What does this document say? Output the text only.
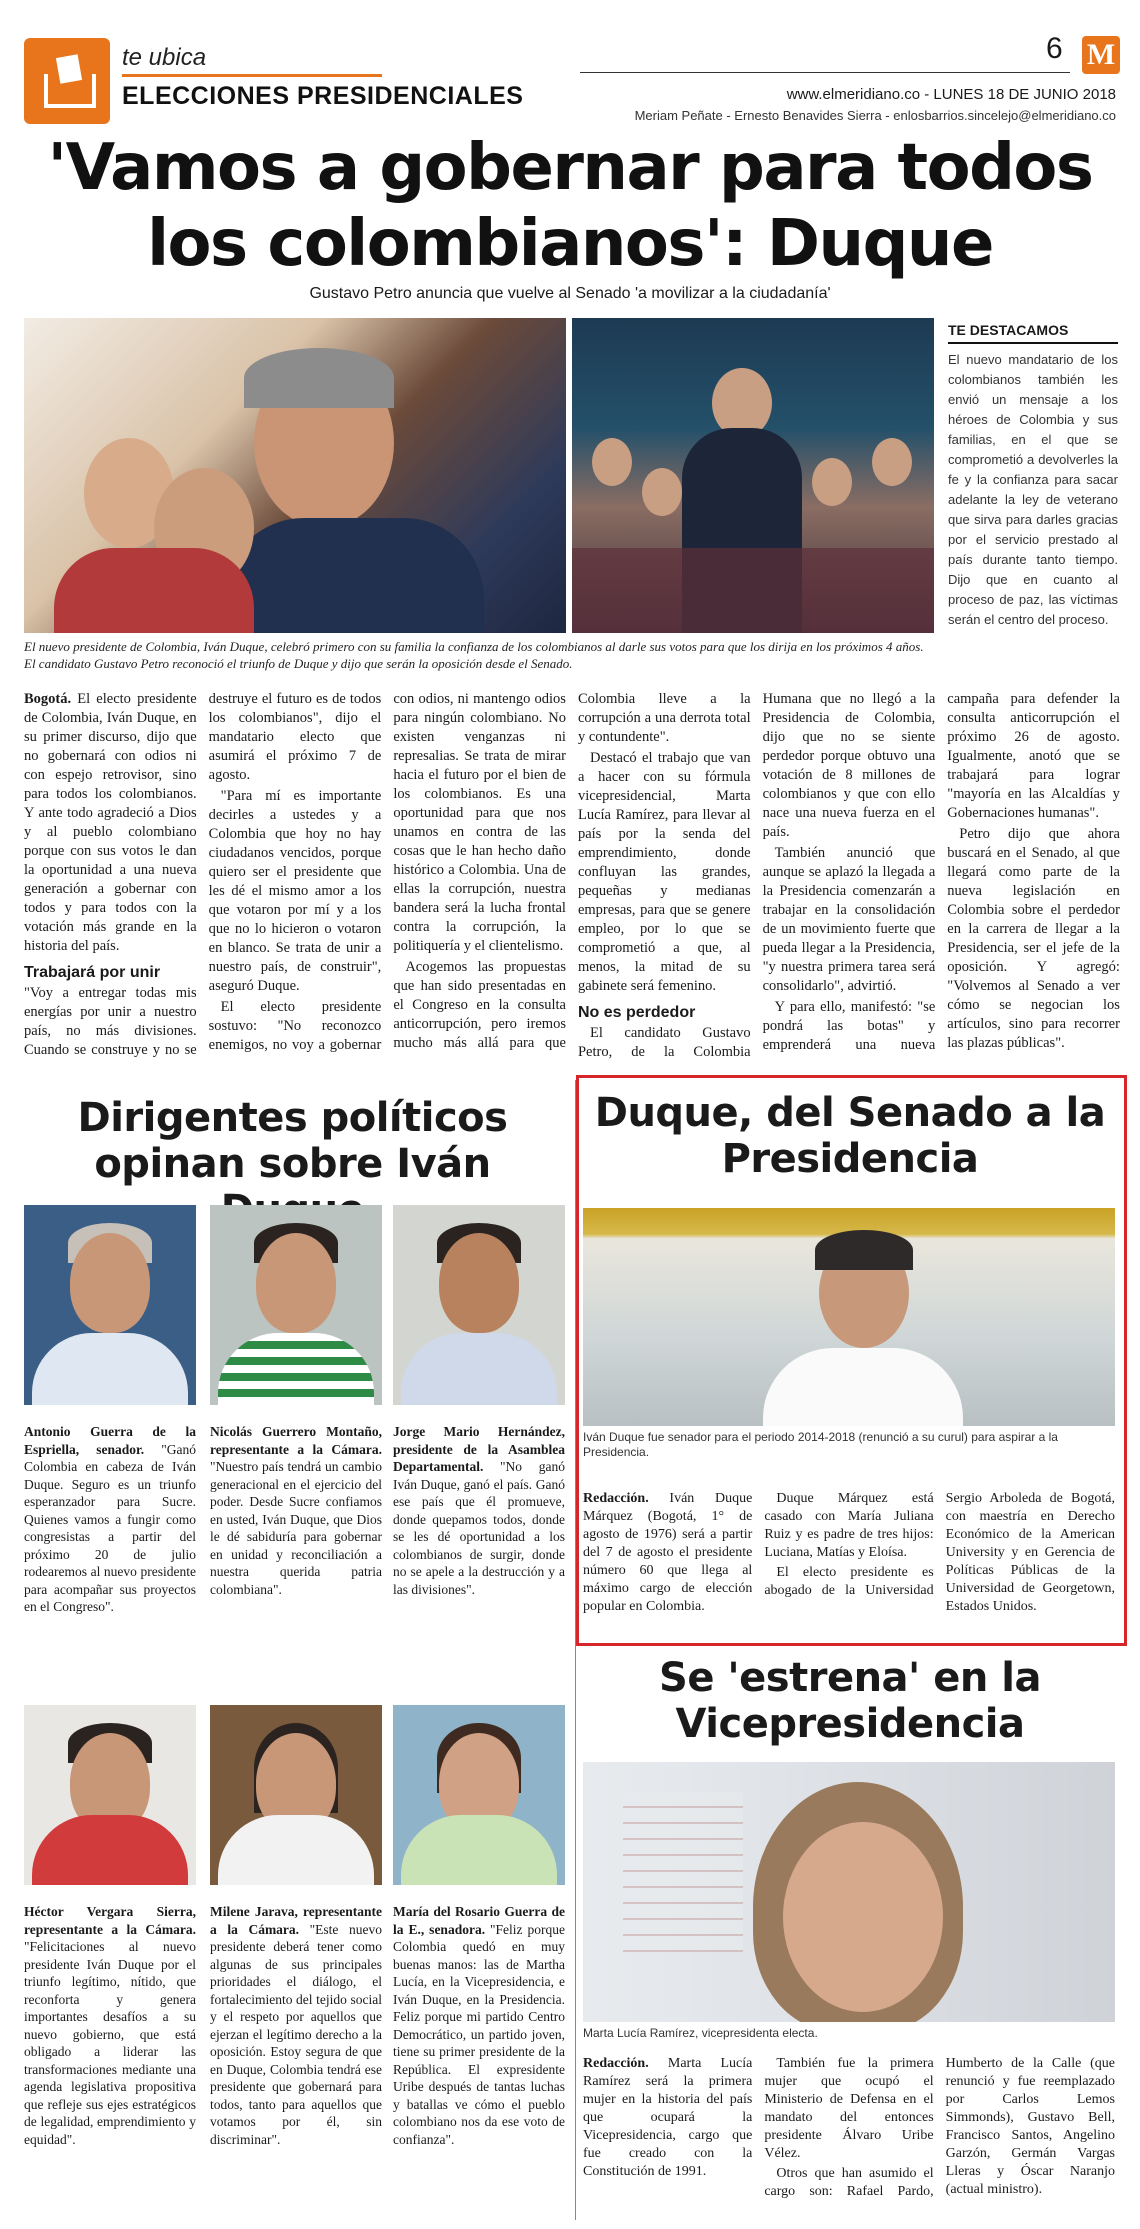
te ubica
ELECCIONES PRESIDENCIALES
6 M
www.elmeridiano.co - LUNES 18 DE JUNIO 2018
Meriam Peñate - Ernesto Benavides Sierra - enlosbarrios.sincelejo@elmeridiano.co
'Vamos a gobernar para todos los colombianos': Duque
Gustavo Petro anuncia que vuelve al Senado 'a movilizar a la ciudadanía'
El nuevo presidente de Colombia, Iván Duque, celebró primero con su familia la confianza de los colombianos al darle sus votos para que los dirija en los próximos 4 años. El candidato Gustavo Petro reconoció el triunfo de Duque y dijo que serán la oposición desde el Senado.
TE DESTACAMOS
El nuevo mandatario de los colombianos también les envió un mensaje a los héroes de Colombia y sus familias, en el que se comprometió a devolverles la fe y la confianza para sacar adelante la ley de veterano que sirva para darles gracias por el servicio prestado al país durante tanto tiempo. Dijo que en cuanto al proceso de paz, las víctimas serán el centro del proceso.

Bogotá. El electo presidente de Colombia, Iván Duque, en su primer discurso, dijo que no gobernará con odios ni con espejo retrovisor, sino para todos los colombianos. Y ante todo agradeció a Dios y al pueblo colombiano porque con sus votos le dan la oportunidad a una nueva generación a gobernar con todos y para todos con la votación más grande en la historia del país.

Trabajará por unir

"Voy a entregar todas mis energías por unir a nuestro país, no más divisiones. Cuando se construye y no se destruye el futuro es de todos los colombianos", dijo el mandatario electo que asumirá el próximo 7 de agosto.

"Para mí es importante decirles a ustedes y a Colombia que hoy no hay ciudadanos vencidos, porque quiero ser el presidente que les dé el mismo amor a los que votaron por mí y a los que no lo hicieron o votaron en blanco. Se trata de unir a nuestro país, de construir", aseguró Duque.

El electo presidente sostuvo: "No reconozco enemigos, no voy a gobernar con odios, ni mantengo odios para ningún colombiano. No existen venganzas ni represalias. Se trata de mirar hacia el futuro por el bien de los colombianos. Es una oportunidad para que nos unamos en contra de las cosas que le han hecho daño histórico a Colombia. Una de ellas la corrupción, nuestra bandera será la lucha frontal contra la corrupción, la politiquería y el clientelismo.

Acogemos las propuestas que han sido presentadas en el Congreso en la consulta anticorrupción, pero iremos mucho más allá para que Colombia lleve a la corrupción a una derrota total y contundente".

Destacó el trabajo que van a hacer con su fórmula vicepresidencial, Marta Lucía Ramírez, para llevar al país por la senda del emprendimiento, donde confluyan las grandes, pequeñas y medianas empresas, para que se genere empleo, por lo que se comprometió a que, al menos, la mitad de su gabinete será femenino.

No es perdedor

El candidato Gustavo Petro, de la Colombia Humana que no llegó a la Presidencia de Colombia, dijo que no se siente perdedor porque obtuvo una votación de 8 millones de colombianos y que con ello nace una nueva fuerza en el país.

También anunció que aunque se aplazó la llegada a la Presidencia comenzarán a trabajar en la consolidación de un movimiento fuerte que pueda llegar a la Presidencia, "y nuestra primera tarea será consolidarlo", advirtió.

Y para ello, manifestó: "se pondrá las botas" y emprenderá una nueva campaña para defender la consulta anticorrupción el próximo 26 de agosto. Igualmente, anotó que se trabajará para lograr "mayoría en las Alcaldías y Gobernaciones humanas".

Petro dijo que ahora buscará en el Senado, al que llegará como parte de la nueva legislación en Colombia sobre el perdedor en la carrera de llegar a la Presidencia, ser el jefe de la oposición. Y agregó: "Volvemos al Senado a ver cómo se negocian los artículos, sino para recorrer las plazas públicas".

Dirigentes políticos opinan sobre Iván
Antonio Guerra de la Espriella, senador. "Ganó Colombia en cabeza de Iván Duque. Seguro es un triunfo esperanzador para Sucre. Quienes vamos a fungir como congresistas a partir del próximo 20 de julio rodearemos al nuevo presidente para acompañar sus proyectos en el Congreso".
Nicolás Guerrero Montaño, representante a la Cámara. "Nuestro país tendrá un cambio generacional en el ejercicio del poder. Desde Sucre confiamos en usted, Iván Duque, que Dios le dé sabiduría para gobernar en unidad y reconciliación a nuestra querida patria colombiana".
Jorge Mario Hernández, presidente de la Asamblea Departamental. "No ganó Iván Duque, ganó el país. Ganó ese país que él promueve, donde quepamos todos, donde se les dé oportunidad a los colombianos de surgir, donde no se apele a la destrucción y a las divisiones".
Héctor Vergara Sierra, representante a la Cámara. "Felicitaciones al nuevo presidente Iván Duque por el triunfo legítimo, nítido, que reconforta y genera importantes desafíos a su nuevo gobierno, que está obligado a liderar las transformaciones mediante una agenda legislativa propositiva que refleje sus ejes estratégicos de legalidad, emprendimiento y equidad".
Milene Jarava, representante a la Cámara. "Este nuevo presidente deberá tener como algunas de sus principales prioridades el diálogo, el fortalecimiento del tejido social y el respeto por aquellos que ejerzan el legítimo derecho a la oposición. Estoy segura de que en Duque, Colombia tendrá ese presidente que gobernará para todos, tanto para aquellos que votamos por él, sin discriminar".
María del Rosario Guerra de la E., senadora. "Feliz porque Colombia quedó en muy buenas manos: las de Martha Lucía, en la Vicepresidencia, e Iván Duque, en la Presidencia. Feliz porque mi partido Centro Democrático, un partido joven, tiene su primer presidente de la República. El expresidente Uribe después de tantas luchas y batallas ve cómo el pueblo colombiano nos da ese voto de confianza".
Duque, del Senado a la Presidencia
Iván Duque fue senador para el periodo 2014-2018 (renunció a su curul) para aspirar a la Presidencia.

Redacción. Iván Duque Márquez (Bogotá, 1° de agosto de 1976) será a partir del 7 de agosto el presidente número 60 que llega al máximo cargo de elección popular en Colombia.

Duque Márquez está casado con María Juliana Ruiz y es padre de tres hijos: Luciana, Matías y Eloísa.

El electo presidente es abogado de la Universidad Sergio Arboleda de Bogotá, con maestría en Derecho Económico de la American University y en Gerencia de Políticas Públicas de la Universidad de Georgetown, Estados Unidos.

Se 'estrena' en la Vicepresidencia
Marta Lucía Ramírez, vicepresidenta electa.

Redacción. Marta Lucía Ramírez será la primera mujer en la historia del país que ocupará la Vicepresidencia, cargo que fue creado con la Constitución de 1991.

También fue la primera mujer que ocupó el Ministerio de Defensa en el mandato del entonces presidente Álvaro Uribe Vélez.

Otros que han asumido el cargo son: Rafael Pardo, Humberto de la Calle (que renunció y fue reemplazado por Carlos Lemos Simmonds), Gustavo Bell, Francisco Santos, Angelino Garzón, Germán Vargas Lleras y Óscar Naranjo (actual ministro).
